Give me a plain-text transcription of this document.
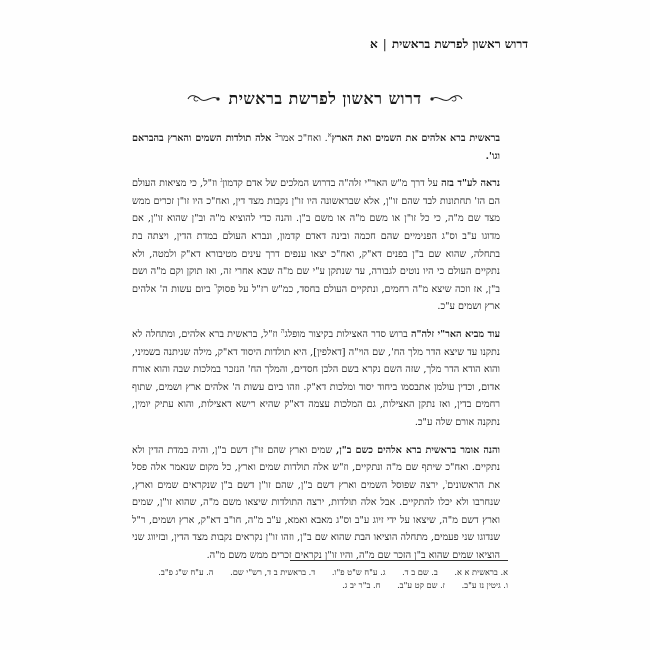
דרוש ראשון לפרשת בראשית|א
דרוש ראשון לפרשת בראשית

בראשית ברא אלהים את השמים ואת הארץ$^א$. ואח"כ אמר$^ב$ אלה תולדות השמים והארץ בהבראם וגו'.

נראה לע"ד בזה על דרך מ"ש האר"י זלה"ה בדרוש המלכים של אדם קדמון$^ג$ וז"ל, כי מציאות העולם הם הז' תחתונות לבד שהם זו"ן, אלא שבראשונה היו זו"ן נקבות מצד דין, ואח"כ היו זו"ן זכרים ממש מצד שם מ"ה, כי כל זו"ן או משם מ"ה או משם ב"ן. והנה כדי להוציא מ"ה וב"ן שהוא זו"ן, אם מדוגו ע"ב וס"ג הפנימיים שהם חכמה ובינה דאדם קדמון, ונברא העולם במדת הדין, ויצתה בת בתחלה, שהוא שם ב"ן בפנים דא"ק, ואח"כ יצאו ענפים דרך עינים מטיבורא דא"ק ולמטה, ולא נתקיים העולם כי היו נוטים לגבורה, עד שנתקן ע"י שם מ"ה שבא אחרי זה, ואז תוקן וקם מ"ה ושם ב"ן, אז וזכה שיצא מ"ה רחמים, ונתקיים העולם בחסד, כמ"ש רז"ל על פסוק$^ד$ ביום עשות ה' אלהים ארץ ושמים ע"כ.

עוד מביא האר"י זלה"ה ברוש סדר האצילות בקיצור מופלג$^ה$ וז"ל, בראשית ברא אלהים, ומתחלה לא נתקנו עד שיצא הדר מלך הח', שם הוי"ה [דאלפין], היא תולדות היסוד דא"ק, מילה שניתנה בשמיני, והוא הודא הדר מלך, שזה השם נקרא בשם הלבן חסדים, והמלך הח' הנזכר במלכות שבה והוא אורח אדום, וכדין עולמן אתבסמו ביחוד יסוד ומלכות דא"ק. וזהו ביום עשות ה' אלהים ארץ ושמים, שתוף רחמים בדין, ואז נתקן האצילות, גם המלכות עצמה דא"ק שהיא רישא דאצילות, והוא עתיק יומין, נתקנה אורם שלה ע"כ.

והנה אומר בראשית ברא אלהים כשם ב"ן, שמים וארץ שהם זו"ן דשם ב"ן, והיה במדת הדין ולא נתקיים. ואח"כ שיתף שם מ"ה ונתקיים, וז"ש אלה תולדות שמים וארץ, כל מקום שנאמר אלה פסל את הראשונים$^ו$, ירצה שפוסל השמים וארץ דשם ב"ן, שהם זו"ן דשם ב"ן שנקראים שמים וארץ, שנחרבו ולא יכלו להתקיים. אבל אלה תולדות, ירצה התולדות שיצאו משם מ"ה, שהוא זו"ן, שמים וארץ דשם מ"ה, שיצאו על ידי זיוג ע"ב וס"ג מאבא ואמא, ע"ב מ"ה, חו"ב דא"ק, ארץ ושמים, ר"ל שנדוגו שני פעמים, מתחלה הוציאו הבת שהוא שם ב"ן, וזהו זו"ן נקראים נקבות מצד הדין, ובזיווג שני הוציאו שמים שהוא ב"ן הזכר שם מ"ה, והיו זו"ן נקראים זכרים ממש משם מ"ה.

א. בראשית א א. ב. שם ב ד. ג. ע"ח ש"ט פ"ו. ד. בראשית ב ד, רש"י שם. ה. ע"ח ש"ג פ"ב.
ו. גיטין נז ע"ב. ז. שם קט ע"ב. ח. ב"ר יב ג.
